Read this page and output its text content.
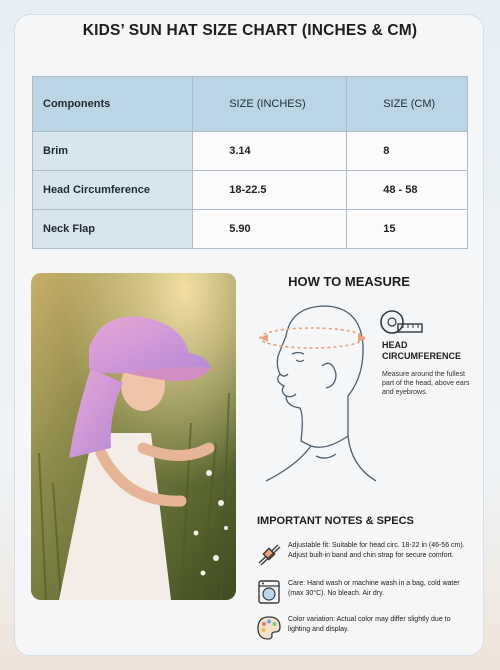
KIDS’ SUN HAT SIZE CHART (INCHES & CM)
Components	SIZE (INCHES)	SIZE (CM)
Brim	3.14	8
Head Circumference	18-22.5	48 - 58
Neck Flap	5.90	15
HOW TO MEASURE
HEAD
CIRCUMFERENCE
Measure around the fullest part of the head, above ears and eyebrows.
IMPORTANT NOTES & SPECS
Adjustable fit: Suitable for head circ. 18-22 in (46-56 cm). Adjust built-in band and chin strap for secure comfort.
Care: Hand wash or machine wash in a bag, cold water (max 30°C). No bleach. Air dry.
Color variation: Actual color may differ slightly due to lighting and display.
